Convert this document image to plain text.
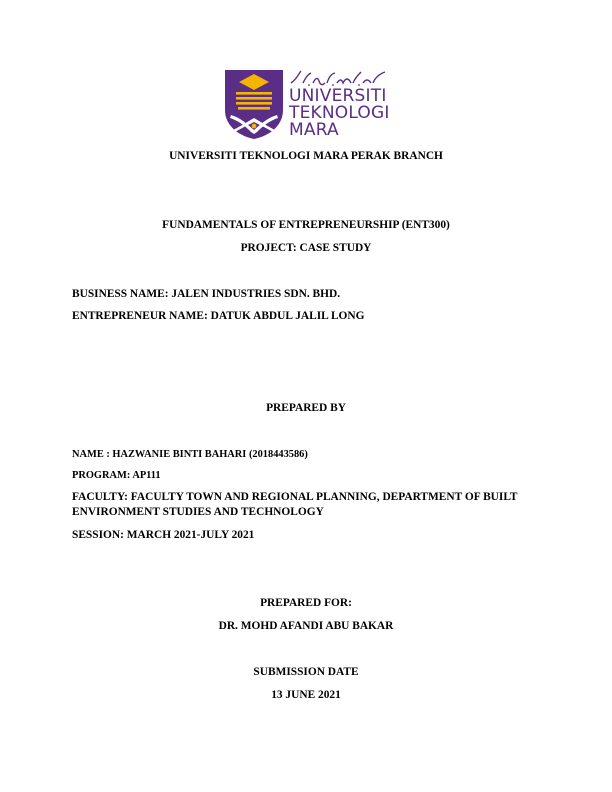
UNIVERSITI
TEKNOLOGI
MARA
UNIVERSITI TEKNOLOGI MARA PERAK BRANCH
FUNDAMENTALS OF ENTREPRENEURSHIP (ENT300)
PROJECT: CASE STUDY
BUSINESS NAME: JALEN INDUSTRIES SDN. BHD.
ENTREPRENEUR NAME: DATUK ABDUL JALIL LONG
PREPARED BY
NAME : HAZWANIE BINTI BAHARI (2018443586)
PROGRAM: AP111
FACULTY: FACULTY TOWN AND REGIONAL PLANNING, DEPARTMENT OF BUILT ENVIRONMENT STUDIES AND TECHNOLOGY
SESSION: MARCH 2021-JULY 2021
PREPARED FOR:
DR. MOHD AFANDI ABU BAKAR
SUBMISSION DATE
13 JUNE 2021
